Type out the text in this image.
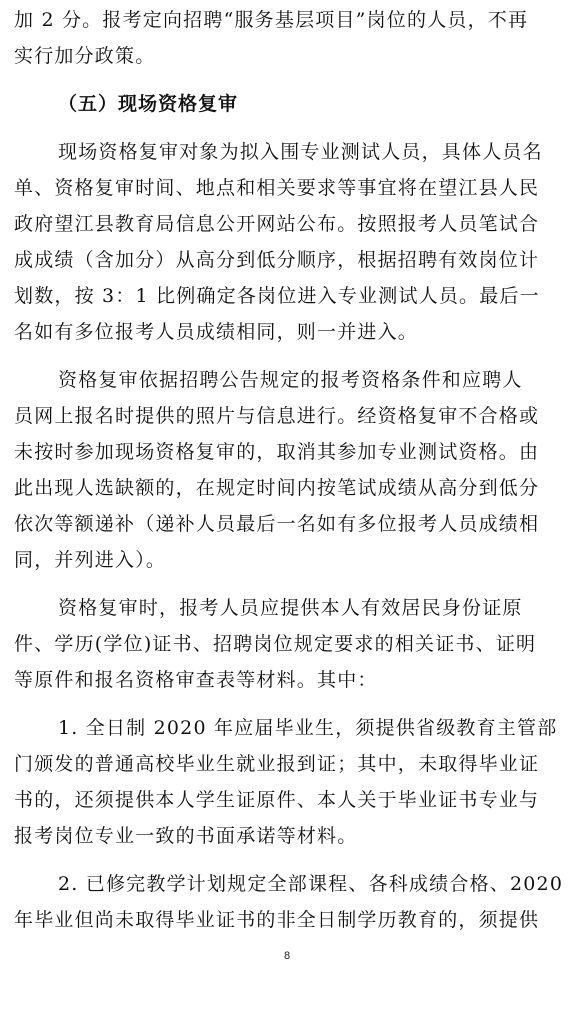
加 2 分。报考定向招聘“服务基层项目”岗位的人员，不再
实行加分政策。
（五）现场资格复审
现场资格复审对象为拟入围专业测试人员，具体人员名
单、资格复审时间、地点和相关要求等事宜将在望江县人民
政府望江县教育局信息公开网站公布。按照报考人员笔试合
成成绩（含加分）从高分到低分顺序，根据招聘有效岗位计
划数，按 3：1 比例确定各岗位进入专业测试人员。最后一
名如有多位报考人员成绩相同，则一并进入。
资格复审依据招聘公告规定的报考资格条件和应聘人
员网上报名时提供的照片与信息进行。经资格复审不合格或
未按时参加现场资格复审的，取消其参加专业测试资格。由
此出现人选缺额的，在规定时间内按笔试成绩从高分到低分
依次等额递补（递补人员最后一名如有多位报考人员成绩相
同，并列进入）。
资格复审时，报考人员应提供本人有效居民身份证原
件、学历(学位)证书、招聘岗位规定要求的相关证书、证明
等原件和报名资格审查表等材料。其中：
1. 全日制 2020 年应届毕业生，须提供省级教育主管部
门颁发的普通高校毕业生就业报到证；其中，未取得毕业证
书的，还须提供本人学生证原件、本人关于毕业证书专业与
报考岗位专业一致的书面承诺等材料。
2. 已修完教学计划规定全部课程、各科成绩合格、2020
年毕业但尚未取得毕业证书的非全日制学历教育的，须提供
8
